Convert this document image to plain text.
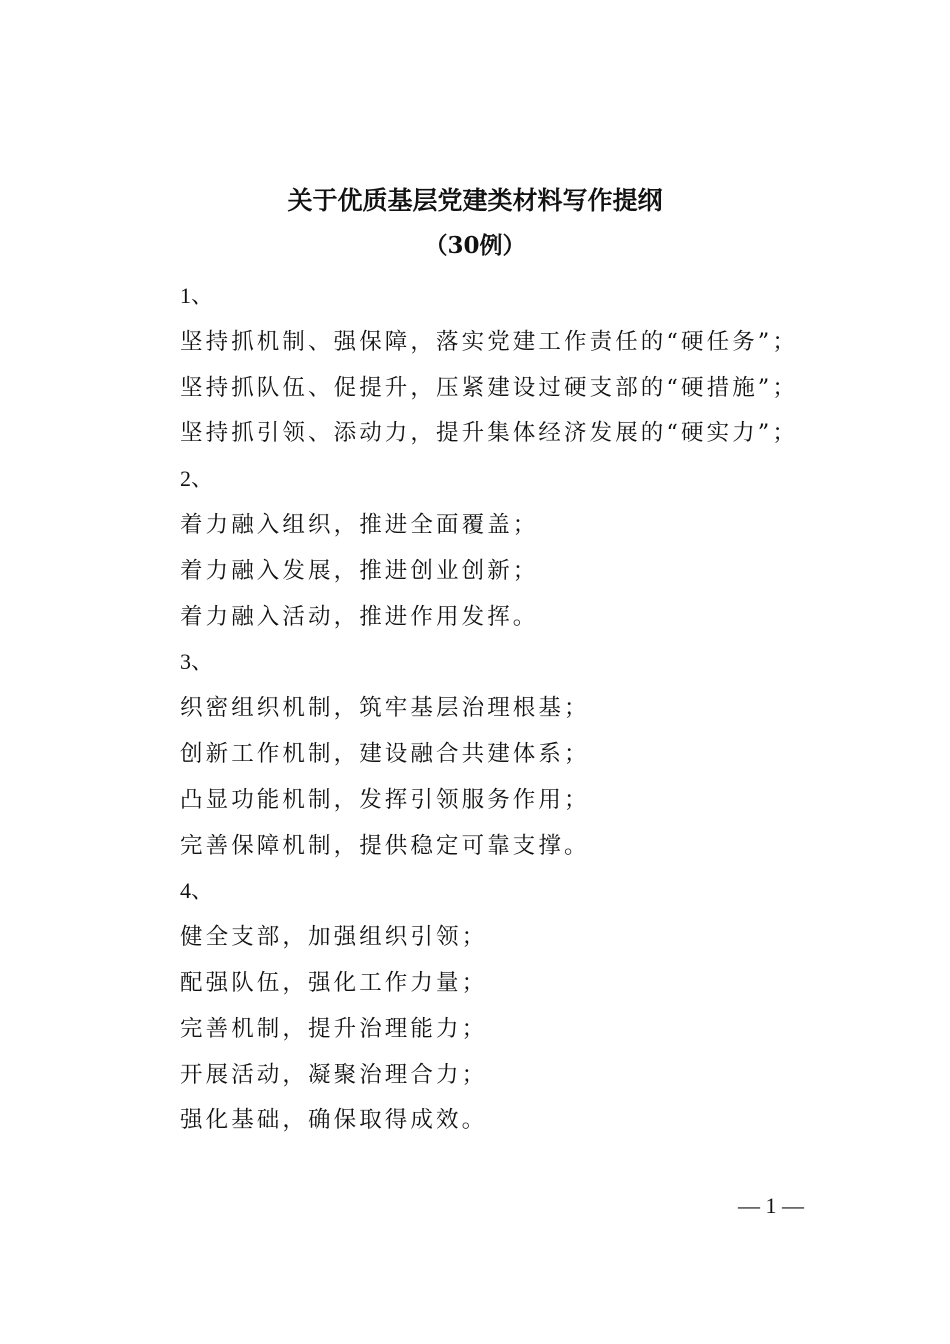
关于优质基层党建类材料写作提纲
（30例）
1、
坚持抓机制、强保障，落实党建工作责任的“硬任务”；
坚持抓队伍、促提升，压紧建设过硬支部的“硬措施”；
坚持抓引领、添动力，提升集体经济发展的“硬实力”；
2、
着力融入组织，推进全面覆盖；
着力融入发展，推进创业创新；
着力融入活动，推进作用发挥。
3、
织密组织机制，筑牢基层治理根基；
创新工作机制，建设融合共建体系；
凸显功能机制，发挥引领服务作用；
完善保障机制，提供稳定可靠支撑。
4、
健全支部，加强组织引领；
配强队伍，强化工作力量；
完善机制，提升治理能力；
开展活动，凝聚治理合力；
强化基础，确保取得成效。
— 1 —
